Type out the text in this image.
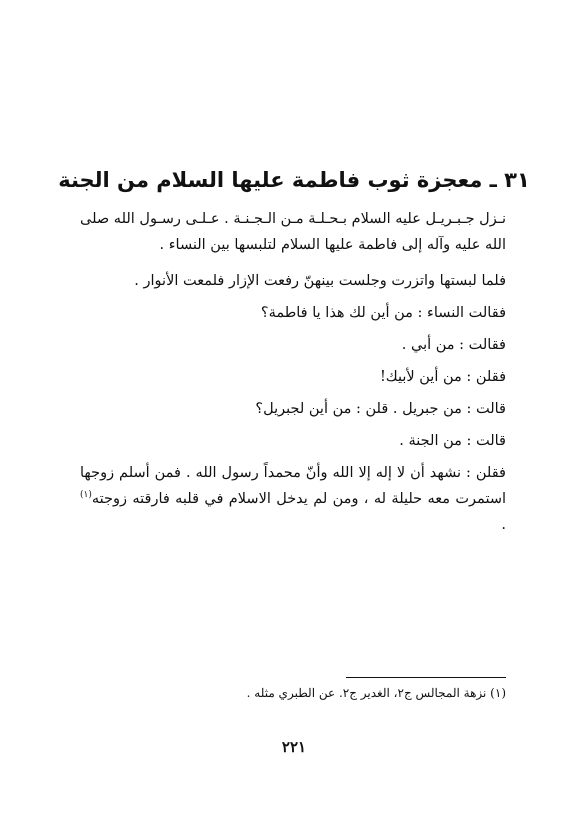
٣١ ـ معجزة ثوب فاطمة عليها السلام من الجنة

نـزل جـبـريـل عليه السلام بـحـلـة مـن الـجـنـة . عـلـى رسـول الله صلى الله عليه وآله إلى فاطمة عليها السلام لتلبسها بين النساء .

فلما لبستها واتزرت وجلست بينهنّ رفعت الإزار فلمعت الأنوار .

فقالت النساء : من أين لك هذا يا فاطمة؟

فقالت : من أبي .

فقلن : من أين لأبيك!

قالت : من جبريل . قلن : من أين لجبريل؟

قالت : من الجنة .

فقلن : نشهد أن لا إله إلا الله وأنّ محمداً رسول الله . فمن أسلم زوجها استمرت معه حليلة له ، ومن لم يدخل الاسلام في قلبه فارقته زوجته$^{(١)}$ .

(١) نزهة المجالس ج٢، الغدير ج٢. عن الطبري مثله .
٢٢١
